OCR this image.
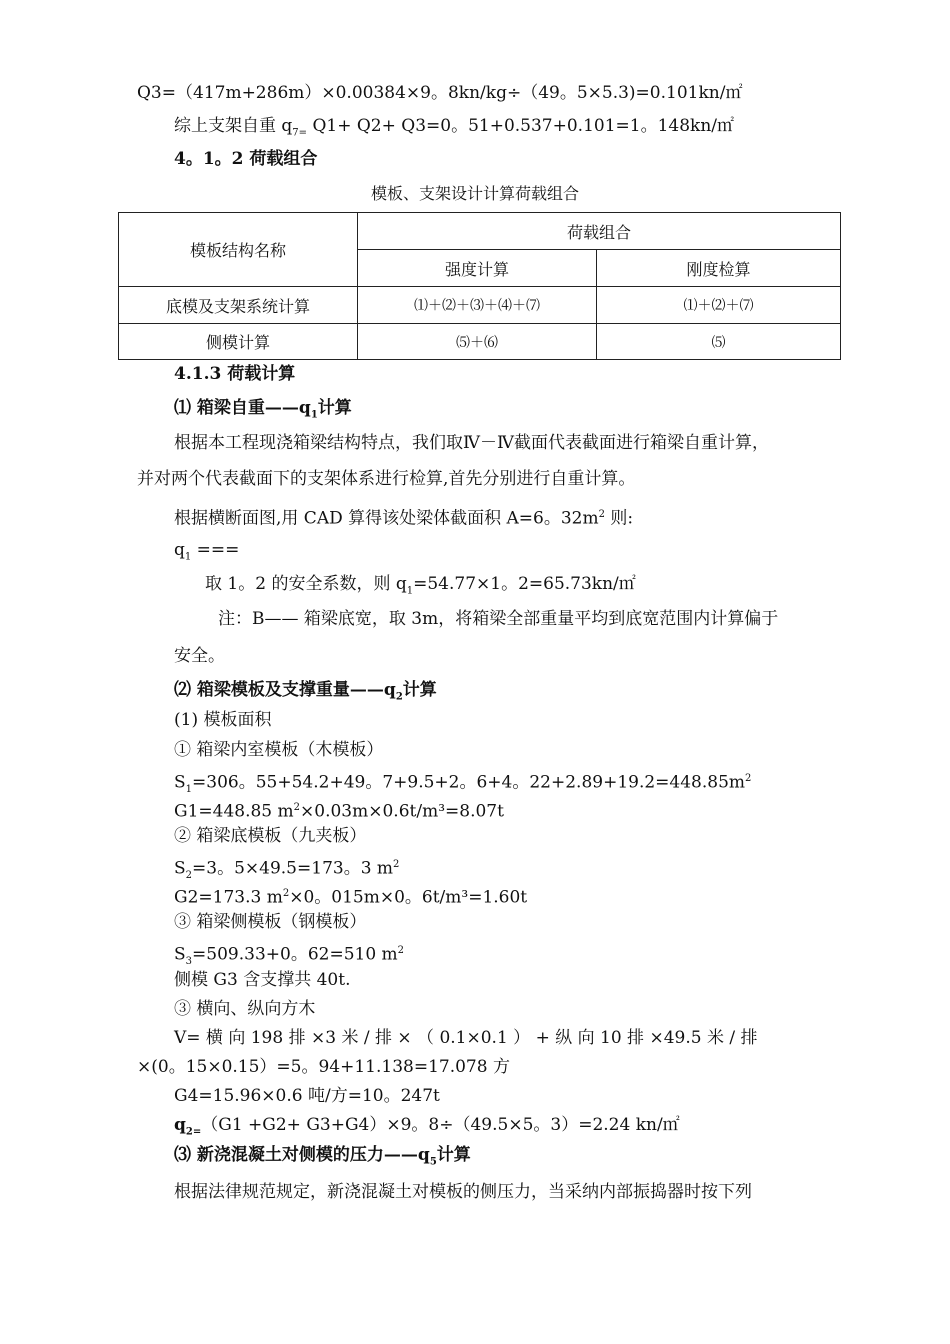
Q3=（417m+286m）×0.00384×9。8kn/kg÷（49。5×5.3)=0.101kn/㎡
综上支架自重 $q_{7=}$ Q1+ Q2+ Q3=0。51+0.537+0.101=1。148kn/㎡
4。1。2 荷载组合
模板、支架设计计算荷载组合
模板结构名称	荷载组合	
	强度计算	刚度检算
底模及支架系统计算	⑴＋⑵＋⑶＋⑷＋⑺	⑴＋⑵＋⑺
侧模计算	⑸＋⑹	⑸
4.1.3 荷载计算
⑴ 箱梁自重$——q_1$计算
根据本工程现浇箱梁结构特点，我们取Ⅳ－Ⅳ截面代表截面进行箱梁自重计算，
并对两个代表截面下的支架体系进行检算,首先分别进行自重计算。
根据横断面图,用 CAD 算得该处梁体截面积 A=6。$32m^2$ 则:
$q_1$ ===
取 1。2 的安全系数，则 $q_1=54.77\times 1$。2=65.73kn/㎡
注：B—— 箱梁底宽，取 3m，将箱梁全部重量平均到底宽范围内计算偏于
安全。
⑵ 箱梁模板及支撑重量$——q_2$计算
(1) 模板面积
① 箱梁内室模板（木模板）
$S_1=306$。55+54.2+49。7+9.5+2。6+4。$22+2.89+19.2=448.85m^2$
G1=448.85 $m^2\times 0.03m\times 0.6t/m^3=8.07t$
② 箱梁底模板（九夹板）
$S_2=3$。5×49.5=173。3 $m^2$
G2=173.3 $m^2\times 0$。015m×0。6t/m³=1.60t
③ 箱梁侧模板（钢模板）
$S_3=509.33+0$。62=510 $m^2$
侧模 G3 含支撑共 40t.
③ 横向、纵向方木
V= 横 向 198 排 ×3 米 / 排 × （ 0.1×0.1 ） + 纵 向 10 排 ×49.5 米 / 排
×(0。15×0.15）=5。94+11.138=17.078 方
G4=15.96×0.6 吨/方=10。247t
$q_{2=}(G1 +G2+ G3+G4)\times 9$。8÷（49.5×5。3）=2.24 kn/㎡
⑶ 新浇混凝土对侧模的压力$——q_5$计算
根据法律规范规定，新浇混凝土对模板的侧压力，当采纳内部振捣器时按下列
